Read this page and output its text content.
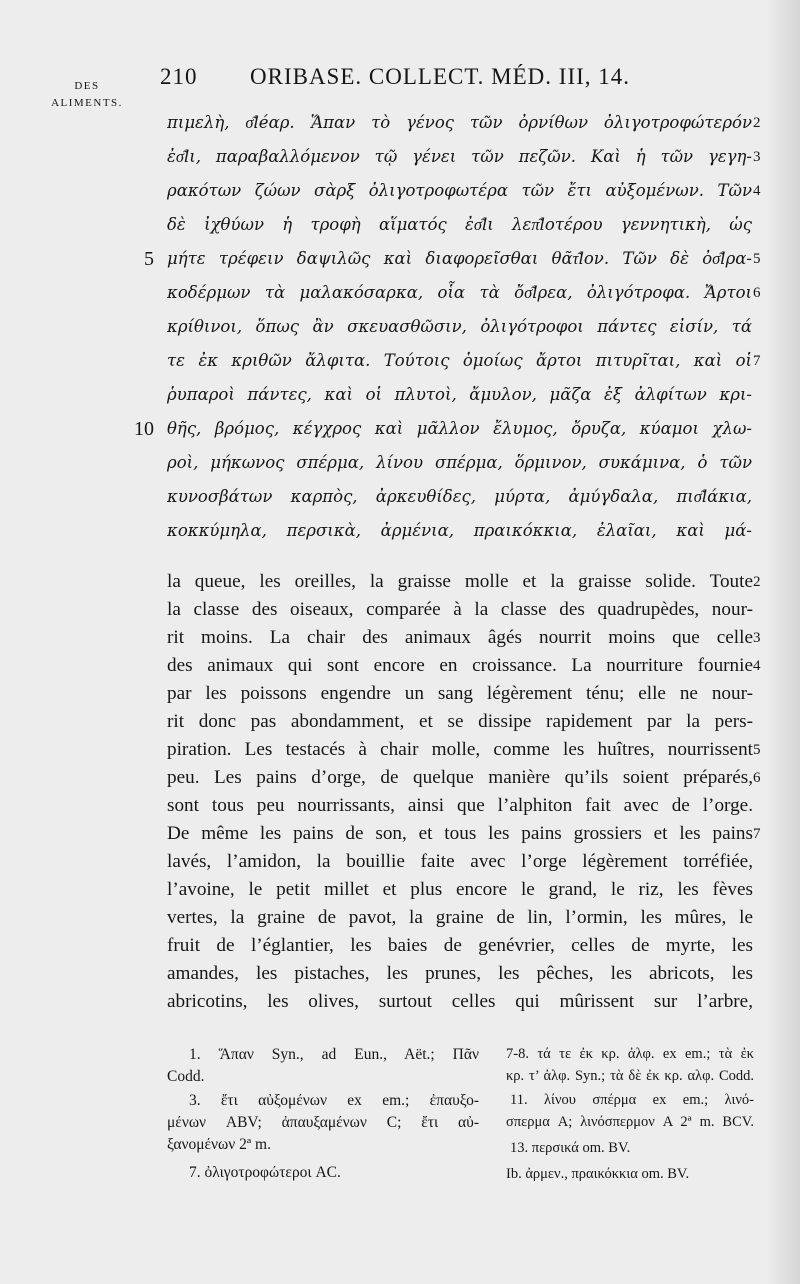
DES
ALIMENTS.
210 ORIBASE. COLLECT. MÉD. III, 14.
πιμελὴ, σ͂léαρ. Ἅπαν τὸ γένος τῶν ὀρνίθων ὀλιγοτροφώτερόν
ἐσ͂lι, παραβαλλόμενον τῷ γένει τῶν πεζῶν. Καὶ ἡ τῶν γεγη-
ρακότων ζώων σὰρξ ὀλιγοτροφωτέρα τῶν ἔτι αὐξομένων. Τῶν
δὲ ἰχθύων ἡ τροφὴ αἵματός ἐσ͂lι λεπ͂lοτέρου γεννητικὴ, ὡς
μήτε τρέφειν δαψιλῶς καὶ διαφορεῖσθαι θᾶτ͂lον. Τῶν δὲ ὀσ͂lρα-
κοδέρμων τὰ μαλακόσαρκα, οἷα τὰ ὄσ͂lρεα, ὀλιγότροφα. Ἄρτοι
κρίθινοι, ὅπως ἂν σκευασθῶσιν, ὀλιγότροφοι πάντες εἰσίν, τά
τε ἐκ κριθῶν ἄλφιτα. Τούτοις ὁμοίως ἄρτοι πιτυρῖται, καὶ οἱ
ῥυπαροὶ πάντες, καὶ οἱ πλυτοὶ, ἄμυλον, μᾶζα ἐξ ἀλφίτων κρι-
θῆς, βρόμος, κέγχρος καὶ μᾶλλον ἔλυμος, ὄρυζα, κύαμοι χλω-
ροὶ, μήκωνος σπέρμα, λίνου σπέρμα, ὅρμινον, συκάμινα, ὁ τῶν
κυνοσβάτων καρπὸς, ἀρκευθίδες, μύρτα, ἀμύγδαλα, πισ͂lάκια,
κοκκύμηλα, περσικὰ, ἀρμένια, πραικόκκια, ἐλαῖαι, καὶ μά-
5
10
2
3
4
5
6
7
la queue, les oreilles, la graisse molle et la graisse solide. Toute
la classe des oiseaux, comparée à la classe des quadrupèdes, nour-
rit moins. La chair des animaux âgés nourrit moins que celle
des animaux qui sont encore en croissance. La nourriture fournie
par les poissons engendre un sang légèrement ténu; elle ne nour-
rit donc pas abondamment, et se dissipe rapidement par la pers-
piration. Les testacés à chair molle, comme les huîtres, nourrissent
peu. Les pains d’orge, de quelque manière qu’ils soient préparés,
sont tous peu nourrissants, ainsi que l’alphiton fait avec de l’orge.
De même les pains de son, et tous les pains grossiers et les pains
lavés, l’amidon, la bouillie faite avec l’orge légèrement torréfiée,
l’avoine, le petit millet et plus encore le grand, le riz, les fèves
vertes, la graine de pavot, la graine de lin, l’ormin, les mûres, le
fruit de l’églantier, les baies de genévrier, celles de myrte, les
amandes, les pistaches, les prunes, les pêches, les abricots, les
abricotins, les olives, surtout celles qui mûrissent sur l’arbre,
2
3
4
5
6
7
1. Ἅπαν Syn., ad Eun., Aët.; Πᾶν
Codd.
3. ἔτι αὐξομένων ex em.; ἐπαυξο-
μένων ABV; ἀπαυξαμένων C; ἔτι αὐ-
ξανομένων 2ª m.
7. ὀλιγοτροφώτεροι AC.
7-8. τά τε ἐκ κρ. ἀλφ. ex em.; τὰ ἐκ
κρ. τ’ ἀλφ. Syn.; τὰ δὲ ἐκ κρ. αλφ. Codd.
11. λίνου σπέρμα ex em.; λινό-
σπερμα A; λινόσπερμον A 2ª m. BCV.
13. περσικά om. BV.
Ib. ἀρμεν., πραικόκκια om. BV.
